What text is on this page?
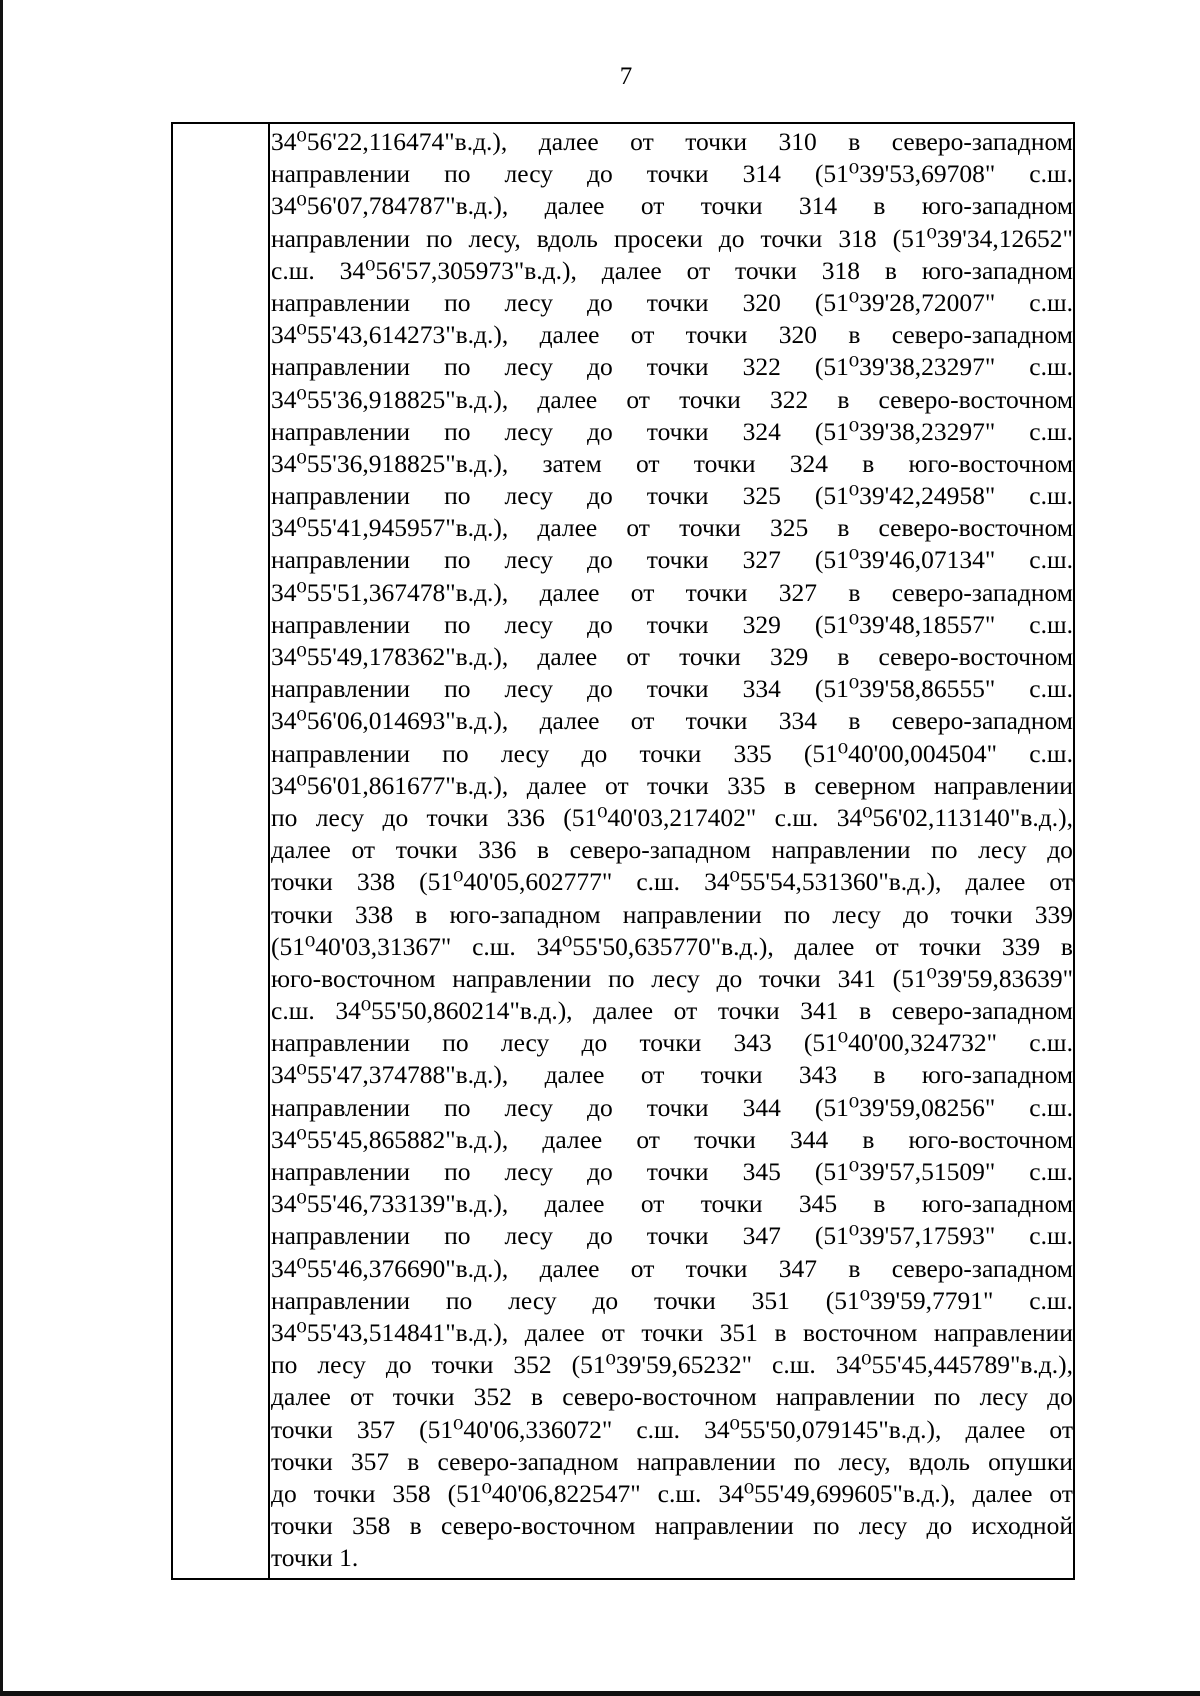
7
34⁰56'22,116474"в.д.), далее от точки 310 в северо-западном
направлении по лесу до точки 314 (51⁰39'53,69708" с.ш.
34⁰56'07,784787"в.д.), далее от точки 314 в юго-западном
направлении по лесу, вдоль просеки до точки 318 (51⁰39'34,12652"
с.ш. 34⁰56'57,305973"в.д.), далее от точки 318 в юго-западном
направлении по лесу до точки 320 (51⁰39'28,72007" с.ш.
34⁰55'43,614273"в.д.), далее от точки 320 в северо-западном
направлении по лесу до точки 322 (51⁰39'38,23297" с.ш.
34⁰55'36,918825"в.д.), далее от точки 322 в северо-восточном
направлении по лесу до точки 324 (51⁰39'38,23297" с.ш.
34⁰55'36,918825"в.д.), затем от точки 324 в юго-восточном
направлении по лесу до точки 325 (51⁰39'42,24958" с.ш.
34⁰55'41,945957"в.д.), далее от точки 325 в северо-восточном
направлении по лесу до точки 327 (51⁰39'46,07134" с.ш.
34⁰55'51,367478"в.д.), далее от точки 327 в северо-западном
направлении по лесу до точки 329 (51⁰39'48,18557" с.ш.
34⁰55'49,178362"в.д.), далее от точки 329 в северо-восточном
направлении по лесу до точки 334 (51⁰39'58,86555" с.ш.
34⁰56'06,014693"в.д.), далее от точки 334 в северо-западном
направлении по лесу до точки 335 (51⁰40'00,004504" с.ш.
34⁰56'01,861677"в.д.), далее от точки 335 в северном направлении
по лесу до точки 336 (51⁰40'03,217402" с.ш. 34⁰56'02,113140"в.д.),
далее от точки 336 в северо-западном направлении по лесу до
точки 338 (51⁰40'05,602777" с.ш. 34⁰55'54,531360"в.д.), далее от
точки 338 в юго-западном направлении по лесу до точки 339
(51⁰40'03,31367" с.ш. 34⁰55'50,635770"в.д.), далее от точки 339 в
юго-восточном направлении по лесу до точки 341 (51⁰39'59,83639"
с.ш. 34⁰55'50,860214"в.д.), далее от точки 341 в северо-западном
направлении по лесу до точки 343 (51⁰40'00,324732" с.ш.
34⁰55'47,374788"в.д.), далее от точки 343 в юго-западном
направлении по лесу до точки 344 (51⁰39'59,08256" с.ш.
34⁰55'45,865882"в.д.), далее от точки 344 в юго-восточном
направлении по лесу до точки 345 (51⁰39'57,51509" с.ш.
34⁰55'46,733139"в.д.), далее от точки 345 в юго-западном
направлении по лесу до точки 347 (51⁰39'57,17593" с.ш.
34⁰55'46,376690"в.д.), далее от точки 347 в северо-западном
направлении по лесу до точки 351 (51⁰39'59,7791" с.ш.
34⁰55'43,514841"в.д.), далее от точки 351 в восточном направлении
по лесу до точки 352 (51⁰39'59,65232" с.ш. 34⁰55'45,445789"в.д.),
далее от точки 352 в северо-восточном направлении по лесу до
точки 357 (51⁰40'06,336072" с.ш. 34⁰55'50,079145"в.д.), далее от
точки 357 в северо-западном направлении по лесу, вдоль опушки
до точки 358 (51⁰40'06,822547" с.ш. 34⁰55'49,699605"в.д.), далее от
точки 358 в северо-восточном направлении по лесу до исходной
точки 1.
